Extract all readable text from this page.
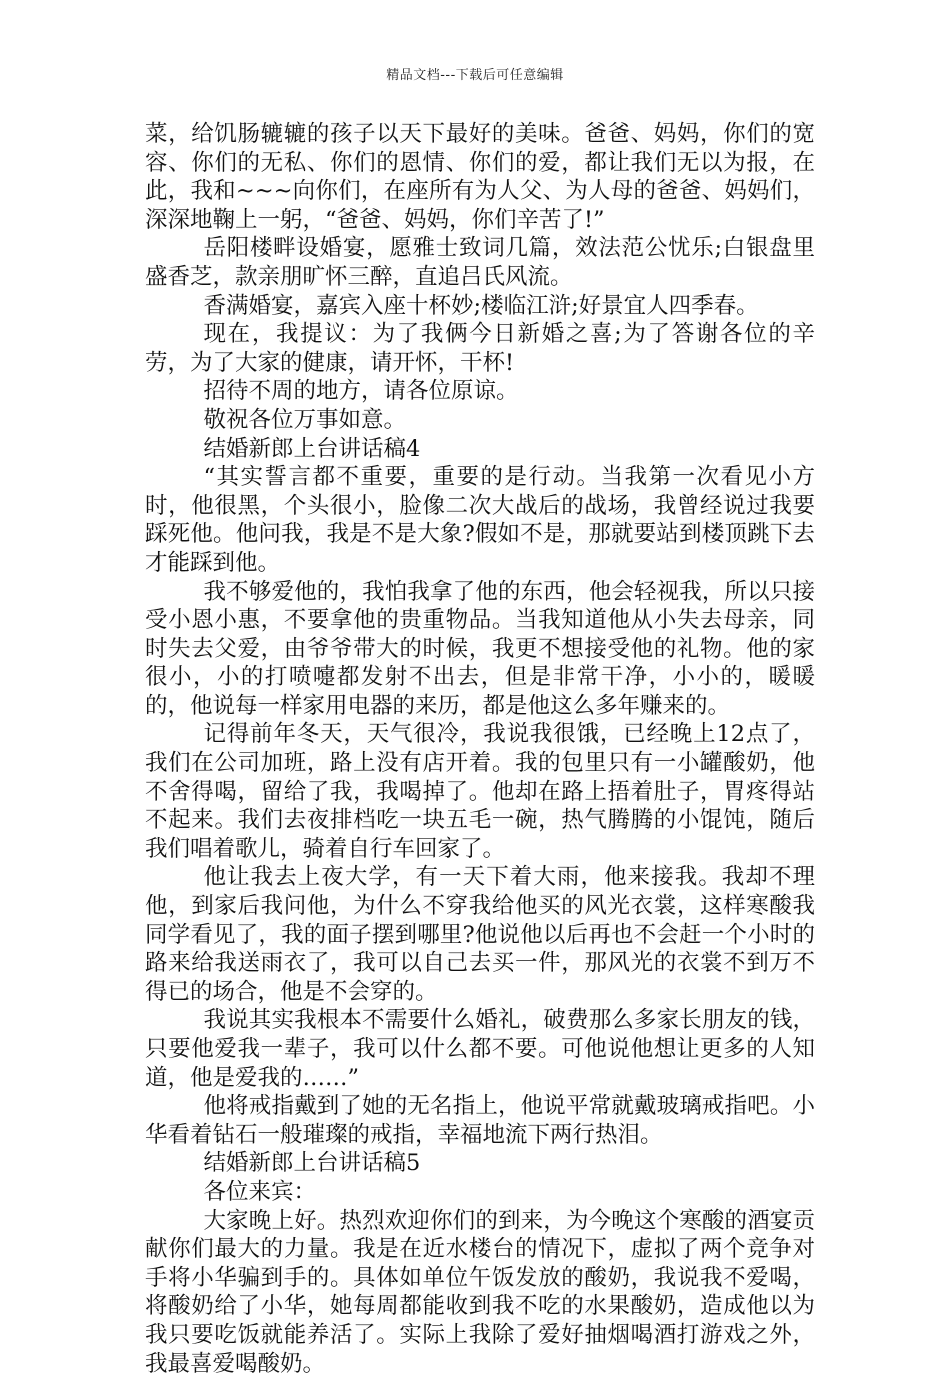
精品文档---下载后可任意编辑

菜，给饥肠辘辘的孩子以天下最好的美味。爸爸、妈妈，你们的宽容、你们的无私、你们的恩情、你们的爱，都让我们无以为报，在此，我和~~~向你们，在座所有为人父、为人母的爸爸、妈妈们，深深地鞠上一躬，“爸爸、妈妈，你们辛苦了!”

岳阳楼畔设婚宴，愿雅士致词几篇，效法范公忧乐;白银盘里盛香芝，款亲朋旷怀三醉，直追吕氏风流。

香满婚宴，嘉宾入座十杯妙;楼临江浒;好景宜人四季春。

现在，我提议：为了我俩今日新婚之喜;为了答谢各位的辛劳，为了大家的健康，请开怀，干杯!

招待不周的地方，请各位原谅。

敬祝各位万事如意。

结婚新郎上台讲话稿4

“其实誓言都不重要，重要的是行动。当我第一次看见小方时，他很黑，个头很小，脸像二次大战后的战场，我曾经说过我要踩死他。他问我，我是不是大象?假如不是，那就要站到楼顶跳下去才能踩到他。

我不够爱他的，我怕我拿了他的东西，他会轻视我，所以只接受小恩小惠，不要拿他的贵重物品。当我知道他从小失去母亲，同时失去父爱，由爷爷带大的时候，我更不想接受他的礼物。他的家很小，小的打喷嚏都发射不出去，但是非常干净，小小的，暖暖的，他说每一样家用电器的来历，都是他这么多年赚来的。

记得前年冬天，天气很冷，我说我很饿，已经晚上12点了，我们在公司加班，路上没有店开着。我的包里只有一小罐酸奶，他不舍得喝，留给了我，我喝掉了。他却在路上捂着肚子，胃疼得站不起来。我们去夜排档吃一块五毛一碗，热气腾腾的小馄饨，随后我们唱着歌儿，骑着自行车回家了。

他让我去上夜大学，有一天下着大雨，他来接我。我却不理他，到家后我问他，为什么不穿我给他买的风光衣裳，这样寒酸我同学看见了，我的面子摆到哪里?他说他以后再也不会赶一个小时的路来给我送雨衣了，我可以自己去买一件，那风光的衣裳不到万不得已的场合，他是不会穿的。

我说其实我根本不需要什么婚礼，破费那么多家长朋友的钱，只要他爱我一辈子，我可以什么都不要。可他说他想让更多的人知道，他是爱我的……”

他将戒指戴到了她的无名指上，他说平常就戴玻璃戒指吧。小华看着钻石一般璀璨的戒指，幸福地流下两行热泪。

结婚新郎上台讲话稿5

各位来宾：

大家晚上好。热烈欢迎你们的到来，为今晚这个寒酸的酒宴贡献你们最大的力量。我是在近水楼台的情况下，虚拟了两个竞争对手将小华骗到手的。具体如单位午饭发放的酸奶，我说我不爱喝，将酸奶给了小华，她每周都能收到我不吃的水果酸奶，造成他以为我只要吃饭就能养活了。实际上我除了爱好抽烟喝酒打游戏之外，我最喜爱喝酸奶。
